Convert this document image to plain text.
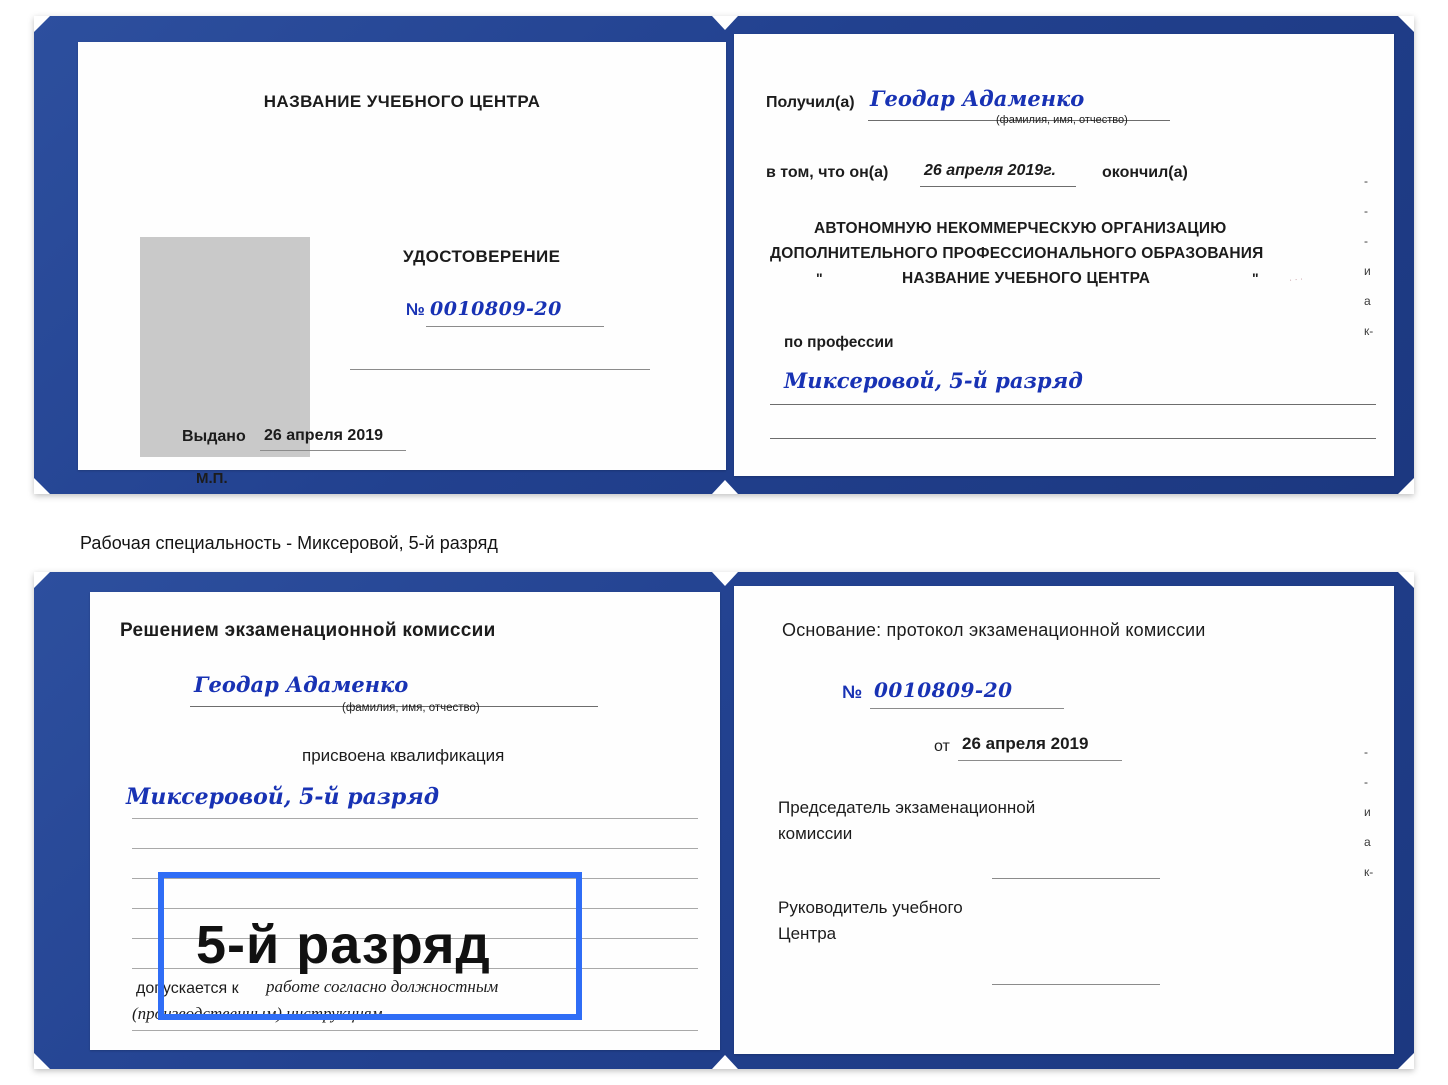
НАЗВАНИЕ УЧЕБНОГО ЦЕНТРА
УДОСТОВЕРЕНИЕ
№ 0010809-20
Выдано 26 апреля 2019
М.П.
Получил(а) Геодар Адаменко
(фамилия, имя, отчество)
в том, что он(а) 26 апреля 2019г.	окончил(а)
АВТОНОМНУЮ НЕКОММЕРЧЕСКУЮ ОРГАНИЗАЦИЮ
ДОПОЛНИТЕЛЬНОГО ПРОФЕССИОНАЛЬНОГО ОБРАЗОВАНИЯ
"	НАЗВАНИЕ УЧЕБНОГО ЦЕНТРА	"
по профессии
Миксеровой, 5-й разряд
· · ·
-
-
-
и
а
к-
Рабочая специальность - Миксеровой, 5-й разряд
Решением экзаменационной комиссии
Геодар Адаменко
(фамилия, имя, отчество)
присвоена квалификация
Миксеровой, 5-й разряд
допускается к работе согласно должностным
(производственным) инструкциям
Основание: протокол экзаменационной комиссии
№ 0010809-20
от 26 апреля 2019
Председатель экзаменационной
комиссии
Руководитель учебного
Центра
-
-
и
а
к-
5-й разряд
